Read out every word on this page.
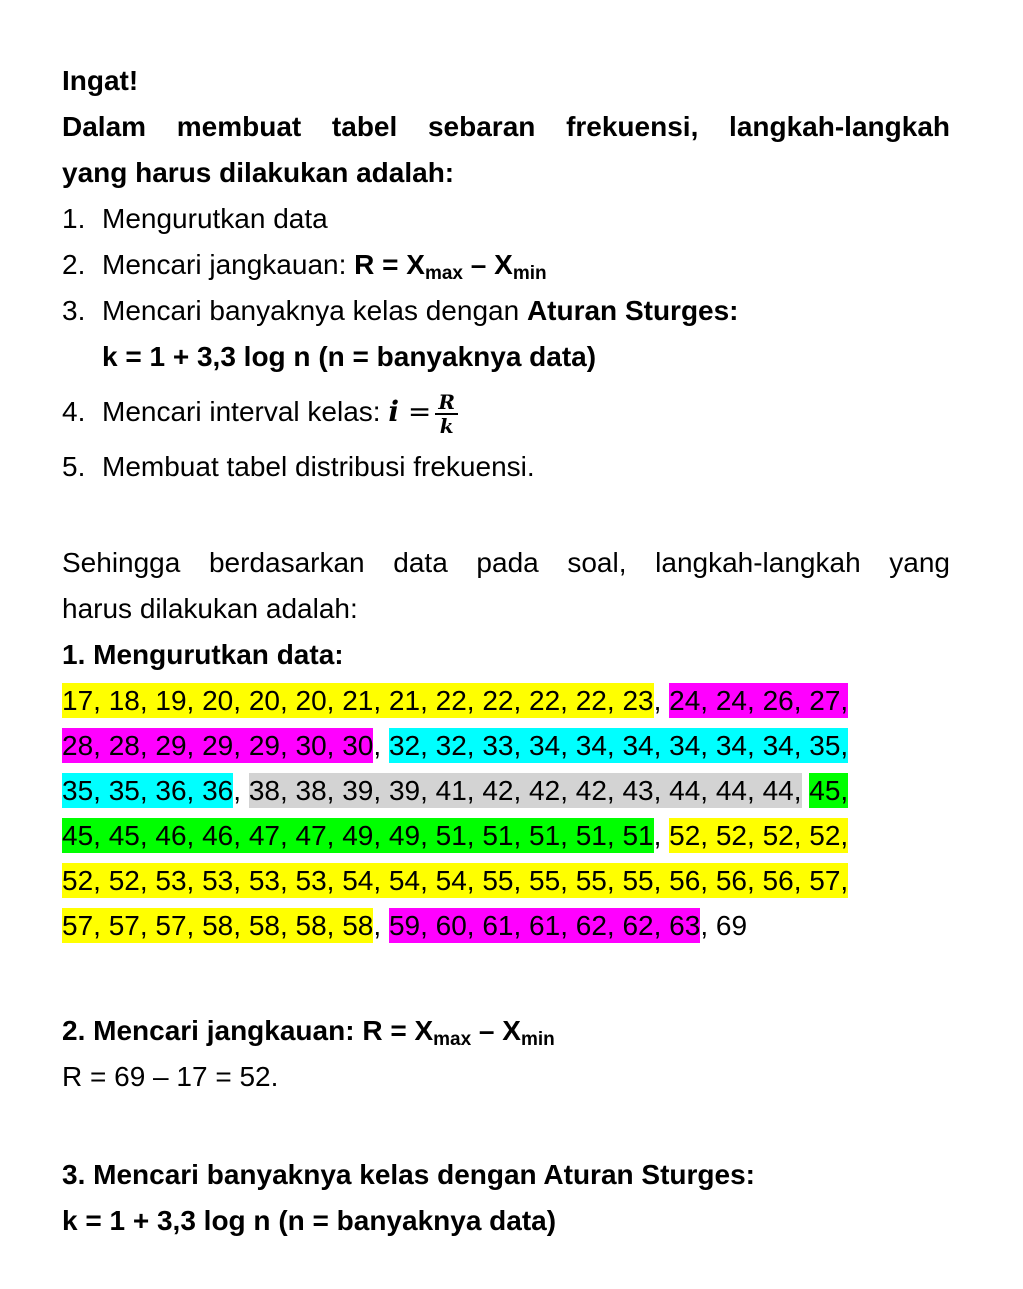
Ingat!
Dalam membuat tabel sebaran frekuensi, langkah-langkah
yang harus dilakukan adalah:
1. Mengurutkan data
2. Mencari jangkauan: $R = X_{max} - X_{min}$
3. Mencari banyaknya kelas dengan Aturan Sturges:
k = 1 + 3,3 log n (n = banyaknya data)
4. Mencari interval kelas: $i = \frac{R}{k}$
5. Membuat tabel distribusi frekuensi.
Sehingga berdasarkan data pada soal, langkah-langkah yang
harus dilakukan adalah:
1. Mengurutkan data:
17, 18, 19, 20, 20, 20, 21, 21, 22, 22, 22, 22, 23, 24, 24, 26, 27,
28, 28, 29, 29, 29, 30, 30, 32, 32, 33, 34, 34, 34, 34, 34, 34, 35,
35, 35, 36, 36, 38, 38, 39, 39, 41, 42, 42, 42, 43, 44, 44, 44, 45,
45, 45, 46, 46, 47, 47, 49, 49, 51, 51, 51, 51, 51, 52, 52, 52, 52,
52, 52, 53, 53, 53, 53, 54, 54, 54, 55, 55, 55, 55, 56, 56, 56, 57,
57, 57, 57, 58, 58, 58, 58, 59, 60, 61, 61, 62, 62, 63, 69
2. Mencari jangkauan: $R = X_{max} - X_{min}$
R = 69 – 17 = 52.
3. Mencari banyaknya kelas dengan Aturan Sturges:
k = 1 + 3,3 log n (n = banyaknya data)
